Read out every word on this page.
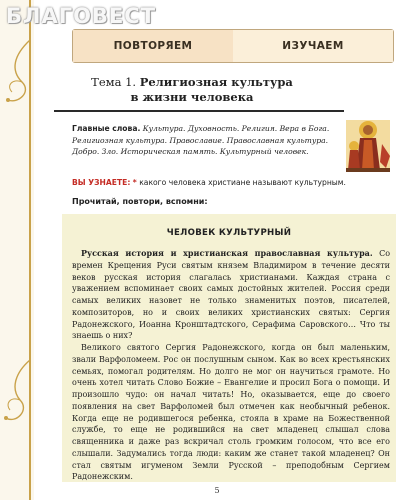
БЛАГОВЕСТ
ПОВТОРЯЕМ	ИЗУЧАЕМ
Тема 1. Религиозная культура
в жизни человека
Главные слова. Культура. Духовность. Религия. Вера в Бога. Религиозная культура. Православие. Православная культура. Добро. Зло. Историческая память. Культурный человек.
ВЫ УЗНАЕТЕ: * какого человека христиане называют культурным.
Прочитай, повтори, вспомни:
ЧЕЛОВЕК КУЛЬТУРНЫЙ

Русская история и христианская православная культура. Со времен Крещения Руси святым князем Владимиром в течение десяти веков русская история слагалась христианами. Каждая страна с уважением вспоминает своих самых достойных жителей. Россия среди самых великих назовет не только знаменитых поэтов, писателей, композиторов, но и своих великих христианских святых: Сергия Радонежского, Иоанна Кронштадтского, Серафима Саровского… Что ты знаешь о них?

Великого святого Сергия Радонежского, когда он был маленьким, звали Варфоломеем. Рос он послушным сыном. Как во всех крестьянских семьях, помогал родителям. Но долго не мог он научиться грамоте. Но очень хотел читать Слово Божие – Евангелие и просил Бога о помощи. И произошло чудо: он начал читать! Но, оказывается, еще до своего появления на свет Варфоломей был отмечен как необычный ребенок. Когда еще не родившегося ребенка, стояла в храме на Божественной службе, то еще не родившийся на свет младенец слышал слова священника и даже раз вскричал столь громким голосом, что все его слышали. Задумались тогда люди: каким же станет такой младенец? Он стал святым игуменом Земли Русской – преподобным Сергием Радонежским.

5
